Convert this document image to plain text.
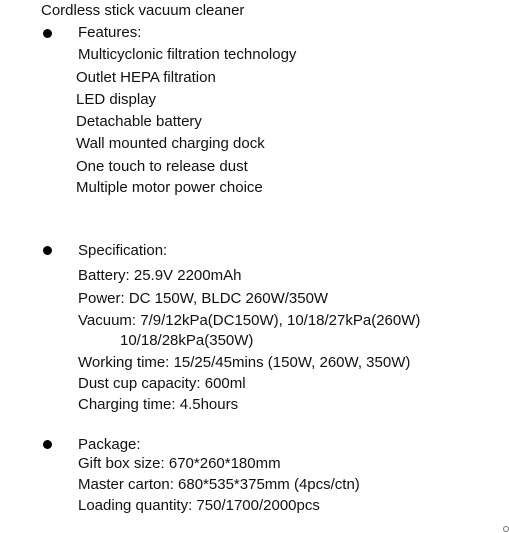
Cordless stick vacuum cleaner
Features:
Multicyclonic filtration technology
Outlet HEPA filtration
LED display
Detachable battery
Wall mounted charging dock
One touch to release dust
Multiple motor power choice
Specification:
Battery: 25.9V 2200mAh
Power: DC 150W, BLDC 260W/350W
Vacuum: 7/9/12kPa(DC150W), 10/18/27kPa(260W)
10/18/28kPa(350W)
Working time: 15/25/45mins (150W, 260W, 350W)
Dust cup capacity: 600ml
Charging time: 4.5hours
Package:
Gift box size: 670*260*180mm
Master carton: 680*535*375mm (4pcs/ctn)
Loading quantity: 750/1700/2000pcs
